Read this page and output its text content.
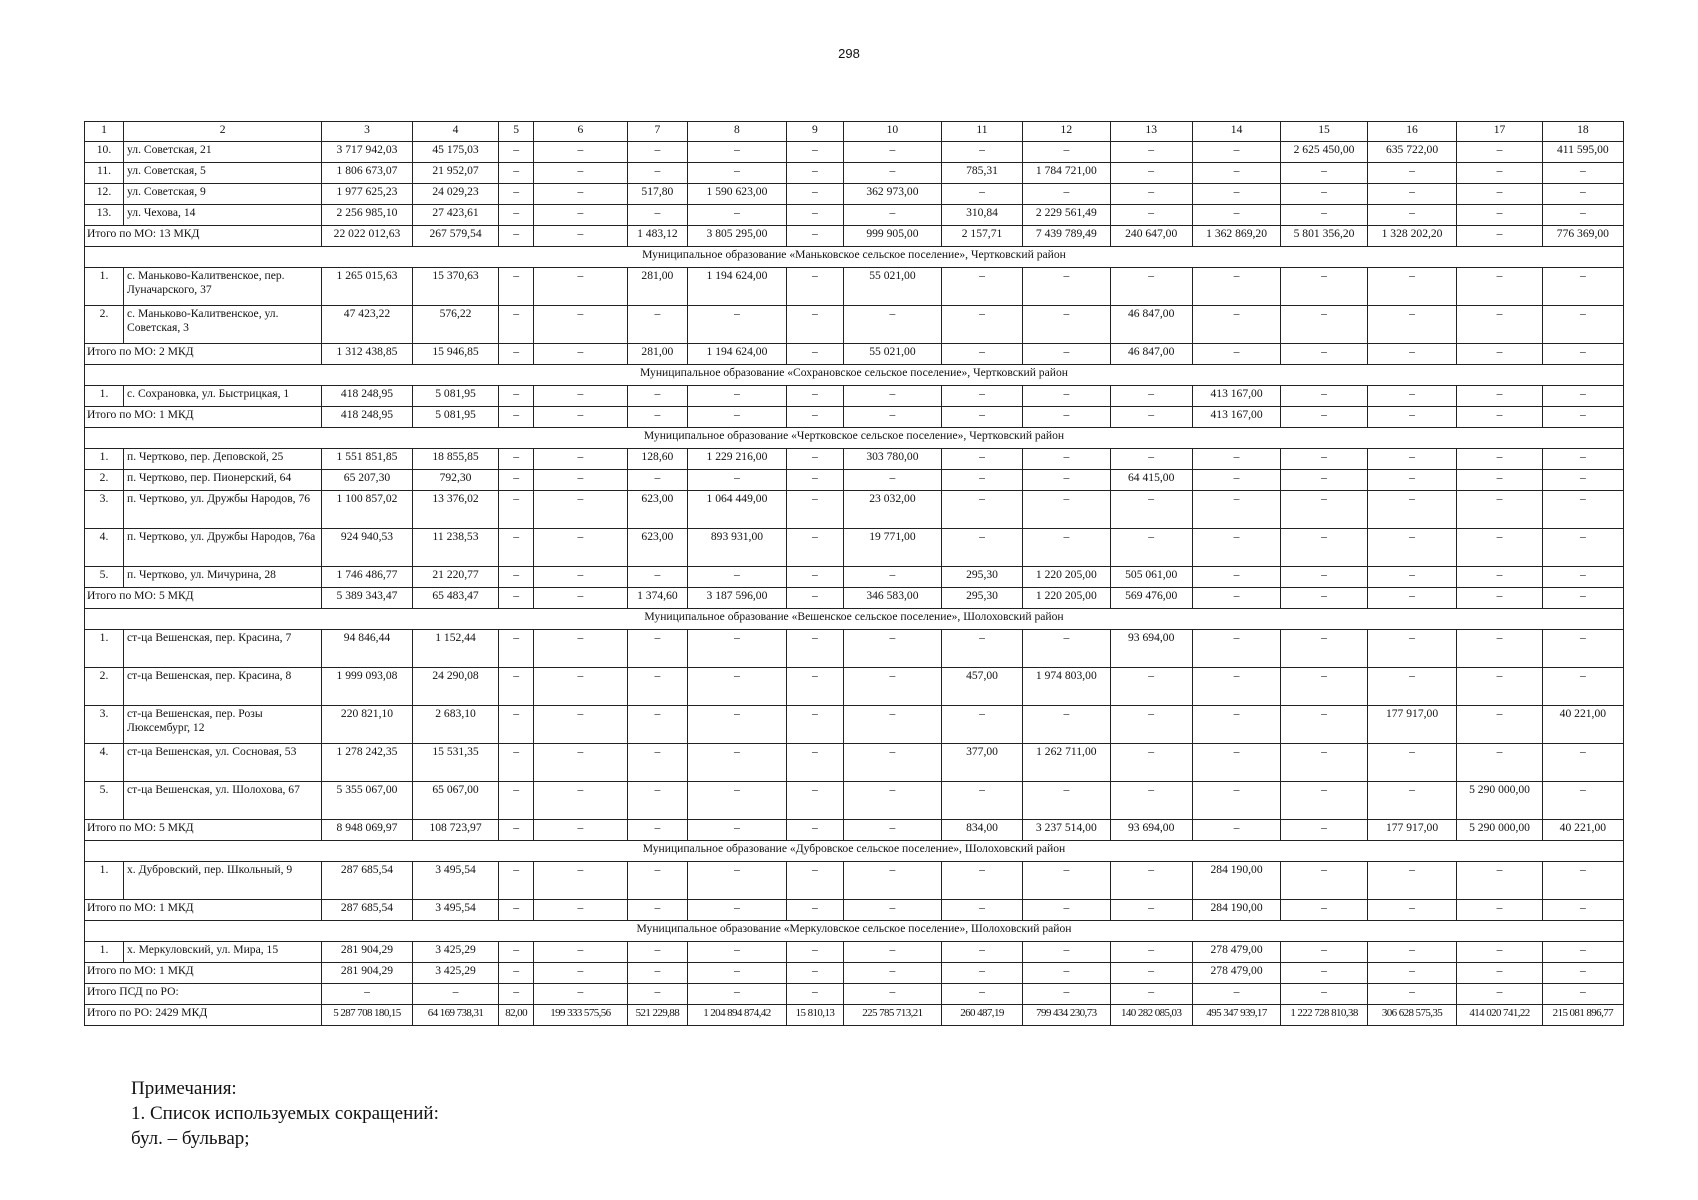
298
1	2	3	4	5	6	7	8	9	10	11	12	13	14	15	16	17	18
10.	ул. Советская, 21	3 717 942,03	45 175,03	–	–	–	–	–	–	–	–	–	–	2 625 450,00	635 722,00	–	411 595,00
11.	ул. Советская, 5	1 806 673,07	21 952,07	–	–	–	–	–	–	785,31	1 784 721,00	–	–	–	–	–	–
12.	ул. Советская, 9	1 977 625,23	24 029,23	–	–	517,80	1 590 623,00	–	362 973,00	–	–	–	–	–	–	–	–
13.	ул. Чехова, 14	2 256 985,10	27 423,61	–	–	–	–	–	–	310,84	2 229 561,49	–	–	–	–	–	–
Итого по МО: 13 МКД		22 022 012,63	267 579,54	–	–	1 483,12	3 805 295,00	–	999 905,00	2 157,71	7 439 789,49	240 647,00	1 362 869,20	5 801 356,20	1 328 202,20	–	776 369,00
Муниципальное образование «Маньковское сельское поселение», Чертковский район																	
1.	с. Маньково-Калитвенское, пер. Луначарского, 37	1 265 015,63	15 370,63	–	–	281,00	1 194 624,00	–	55 021,00	–	–	–	–	–	–	–	–
2.	с. Маньково-Калитвенское, ул. Советская, 3	47 423,22	576,22	–	–	–	–	–	–	–	–	46 847,00	–	–	–	–	–
Итого по МО: 2 МКД		1 312 438,85	15 946,85	–	–	281,00	1 194 624,00	–	55 021,00	–	–	46 847,00	–	–	–	–	–
Муниципальное образование «Сохрановское сельское поселение», Чертковский район																	
1.	с. Сохрановка, ул. Быстрицкая, 1	418 248,95	5 081,95	–	–	–	–	–	–	–	–	–	413 167,00	–	–	–	–
Итого по МО: 1 МКД		418 248,95	5 081,95	–	–	–	–	–	–	–	–	–	413 167,00	–	–	–	–
Муниципальное образование «Чертковское сельское поселение», Чертковский район																	
1.	п. Чертково, пер. Деповской, 25	1 551 851,85	18 855,85	–	–	128,60	1 229 216,00	–	303 780,00	–	–	–	–	–	–	–	–
2.	п. Чертково, пер. Пионерский, 64	65 207,30	792,30	–	–	–	–	–	–	–	–	64 415,00	–	–	–	–	–
3.	п. Чертково, ул. Дружбы Народов, 76	1 100 857,02	13 376,02	–	–	623,00	1 064 449,00	–	23 032,00	–	–	–	–	–	–	–	–
4.	п. Чертково, ул. Дружбы Народов, 76а	924 940,53	11 238,53	–	–	623,00	893 931,00	–	19 771,00	–	–	–	–	–	–	–	–
5.	п. Чертково, ул. Мичурина, 28	1 746 486,77	21 220,77	–	–	–	–	–	–	295,30	1 220 205,00	505 061,00	–	–	–	–	–
Итого по МО: 5 МКД		5 389 343,47	65 483,47	–	–	1 374,60	3 187 596,00	–	346 583,00	295,30	1 220 205,00	569 476,00	–	–	–	–	–
Муниципальное образование «Вешенское сельское поселение», Шолоховский район																	
1.	ст-ца Вешенская, пер. Красина, 7	94 846,44	1 152,44	–	–	–	–	–	–	–	–	93 694,00	–	–	–	–	–
2.	ст-ца Вешенская, пер. Красина, 8	1 999 093,08	24 290,08	–	–	–	–	–	–	457,00	1 974 803,00	–	–	–	–	–	–
3.	ст-ца Вешенская, пер. Розы Люксембург, 12	220 821,10	2 683,10	–	–	–	–	–	–	–	–	–	–	–	177 917,00	–	40 221,00
4.	ст-ца Вешенская, ул. Сосновая, 53	1 278 242,35	15 531,35	–	–	–	–	–	–	377,00	1 262 711,00	–	–	–	–	–	–
5.	ст-ца Вешенская, ул. Шолохова, 67	5 355 067,00	65 067,00	–	–	–	–	–	–	–	–	–	–	–	–	5 290 000,00	–
Итого по МО: 5 МКД		8 948 069,97	108 723,97	–	–	–	–	–	–	834,00	3 237 514,00	93 694,00	–	–	177 917,00	5 290 000,00	40 221,00
Муниципальное образование «Дубровское сельское поселение», Шолоховский район																	
1.	х. Дубровский, пер. Школьный, 9	287 685,54	3 495,54	–	–	–	–	–	–	–	–	–	284 190,00	–	–	–	–
Итого по МО: 1 МКД		287 685,54	3 495,54	–	–	–	–	–	–	–	–	–	284 190,00	–	–	–	–
Муниципальное образование «Меркуловское сельское поселение», Шолоховский район																	
1.	х. Меркуловский, ул. Мира, 15	281 904,29	3 425,29	–	–	–	–	–	–	–	–	–	278 479,00	–	–	–	–
Итого по МО: 1 МКД		281 904,29	3 425,29	–	–	–	–	–	–	–	–	–	278 479,00	–	–	–	–
Итого ПСД по РО:		–	–	–	–	–	–	–	–	–	–	–	–	–	–	–	–
Итого по РО: 2429 МКД		5 287 708 180,15	64 169 738,31	82,00	199 333 575,56	521 229,88	1 204 894 874,42	15 810,13	225 785 713,21	260 487,19	799 434 230,73	140 282 085,03	495 347 939,17	1 222 728 810,38	306 628 575,35	414 020 741,22	215 081 896,77
Примечания:
1. Список используемых сокращений:
бул. – бульвар;
